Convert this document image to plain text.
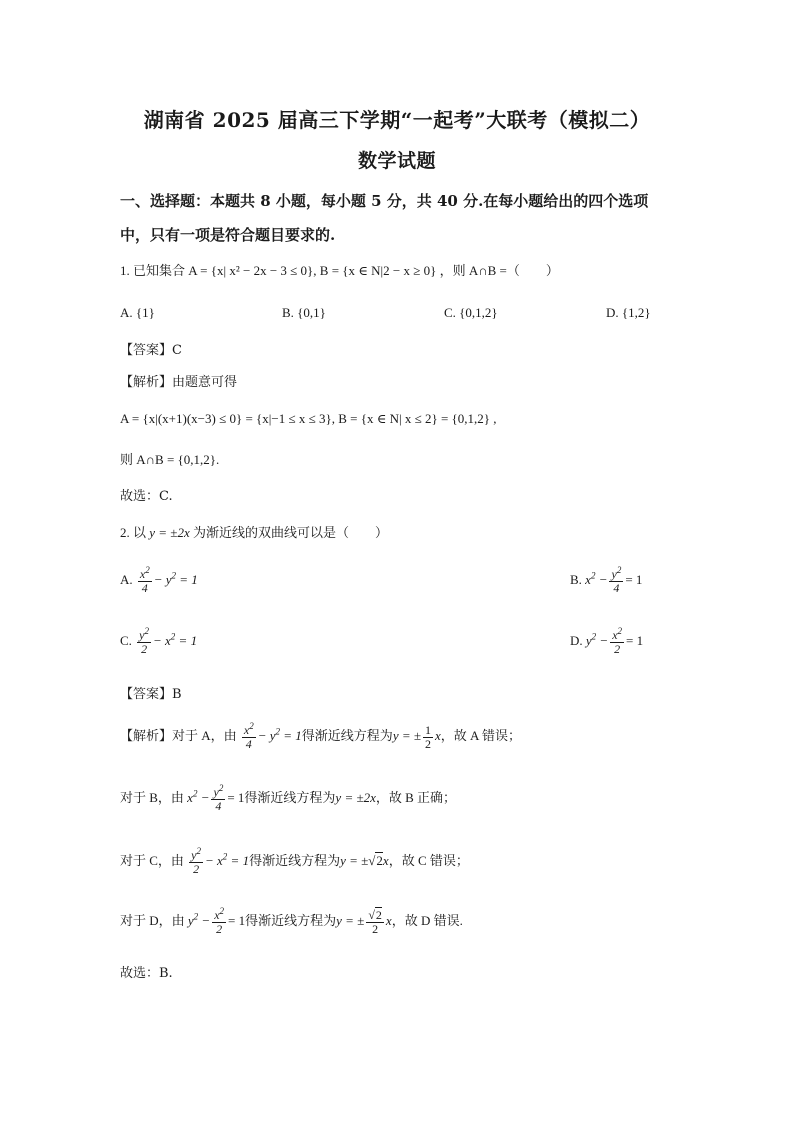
湖南省 2025 届高三下学期“一起考”大联考（模拟二）
数学试题
一、选择题：本题共 8 小题，每小题 5 分，共 40 分.在每小题给出的四个选项
中，只有一项是符合题目要求的.
1. 已知集合 A = {x| x² − 2x − 3 ≤ 0}, B = {x ∈ N|2 − x ≥ 0} ，则 A∩B =（　　）
A. {1}	B. {0,1}	C. {0,1,2}	D. {1,2}
【答案】C
【解析】由题意可得
A = {x|(x+1)(x−3) ≤ 0} = {x|−1 ≤ x ≤ 3}, B = {x ∈ N| x ≤ 2} = {0,1,2} ,
则 A∩B = {0,1,2}.
故选：C.
2. 以 y = ±2x 为渐近线的双曲线可以是（　　）
A. $\frac{x^2}{4} - y^2 = 1$	B. $x^2 - \frac{y^2}{4} = 1$
C. $\frac{y^2}{2} - x^2 = 1$	D. $y^2 - \frac{x^2}{2} = 1$
【答案】B
【解析】对于 A，由 $\frac{x^2}{4} - y^2 = 1$得渐近线方程为y = ± $\frac{1}{2}$ x，故 A 错误；
对于 B，由 $x^2 - \frac{y^2}{4} = 1$得渐近线方程为y = ±2x，故 B 正确；
对于 C，由 $\frac{y^2}{2} - x^2 = 1$得渐近线方程为y = ±√2x，故 C 错误；
对于 D，由 $y^2 - \frac{x^2}{2} = 1$得渐近线方程为y = ± $\frac{√2}{2}$ x，故 D 错误.
故选：B.
